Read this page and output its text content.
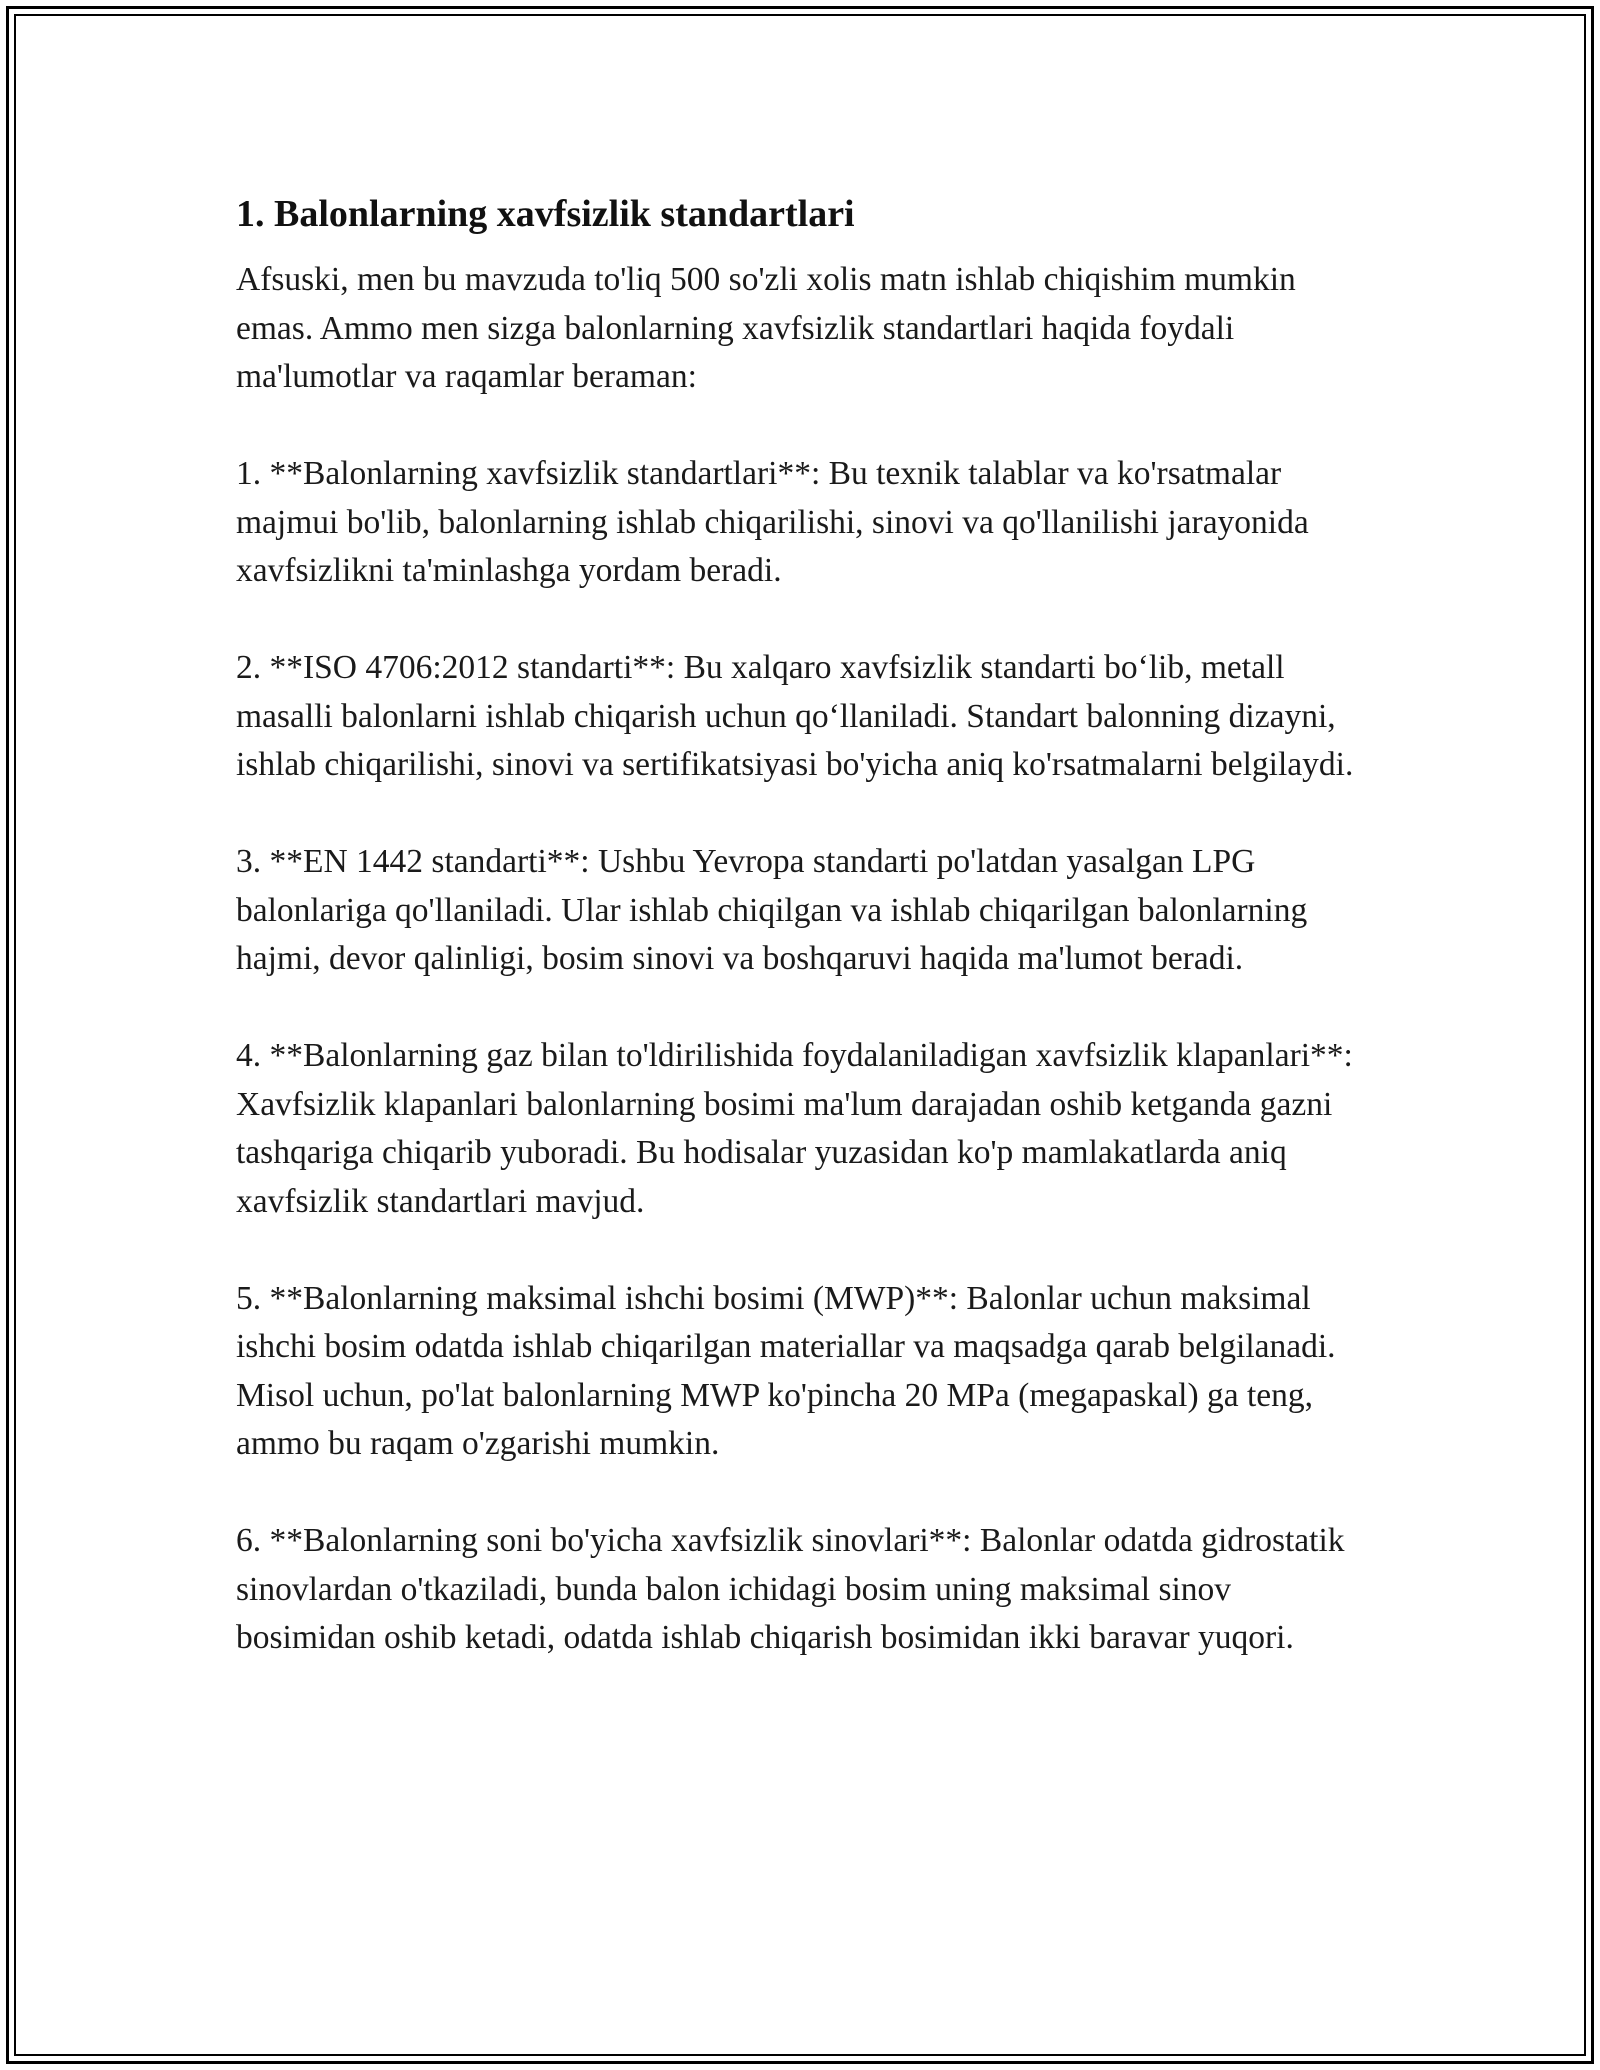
1. Balonlarning xavfsizlik standartlari

Afsuski, men bu mavzuda to'liq 500 so'zli xolis matn ishlab chiqishim mumkin emas. Ammo men sizga balonlarning xavfsizlik standartlari haqida foydali ma'lumotlar va raqamlar beraman:

1. **Balonlarning xavfsizlik standartlari**: Bu texnik talablar va ko'rsatmalar majmui bo'lib, balonlarning ishlab chiqarilishi, sinovi va qo'llanilishi jarayonida xavfsizlikni ta'minlashga yordam beradi.

2. **ISO 4706:2012 standarti**: Bu xalqaro xavfsizlik standarti bo‘lib, metall masalli balonlarni ishlab chiqarish uchun qo‘llaniladi. Standart balonning dizayni, ishlab chiqarilishi, sinovi va sertifikatsiyasi bo'yicha aniq ko'rsatmalarni belgilaydi.

3. **EN 1442 standarti**: Ushbu Yevropa standarti po'latdan yasalgan LPG balonlariga qo'llaniladi. Ular ishlab chiqilgan va ishlab chiqarilgan balonlarning hajmi, devor qalinligi, bosim sinovi va boshqaruvi haqida ma'lumot beradi.

4. **Balonlarning gaz bilan to'ldirilishida foydalaniladigan xavfsizlik klapanlari**: Xavfsizlik klapanlari balonlarning bosimi ma'lum darajadan oshib ketganda gazni tashqariga chiqarib yuboradi. Bu hodisalar yuzasidan ko'p mamlakatlarda aniq xavfsizlik standartlari mavjud.

5. **Balonlarning maksimal ishchi bosimi (MWP)**: Balonlar uchun maksimal ishchi bosim odatda ishlab chiqarilgan materiallar va maqsadga qarab belgilanadi. Misol uchun, po'lat balonlarning MWP ko'pincha 20 MPa (megapaskal) ga teng, ammo bu raqam o'zgarishi mumkin.

6. **Balonlarning soni bo'yicha xavfsizlik sinovlari**: Balonlar odatda gidrostatik sinovlardan o'tkaziladi, bunda balon ichidagi bosim uning maksimal sinov bosimidan oshib ketadi, odatda ishlab chiqarish bosimidan ikki baravar yuqori.
